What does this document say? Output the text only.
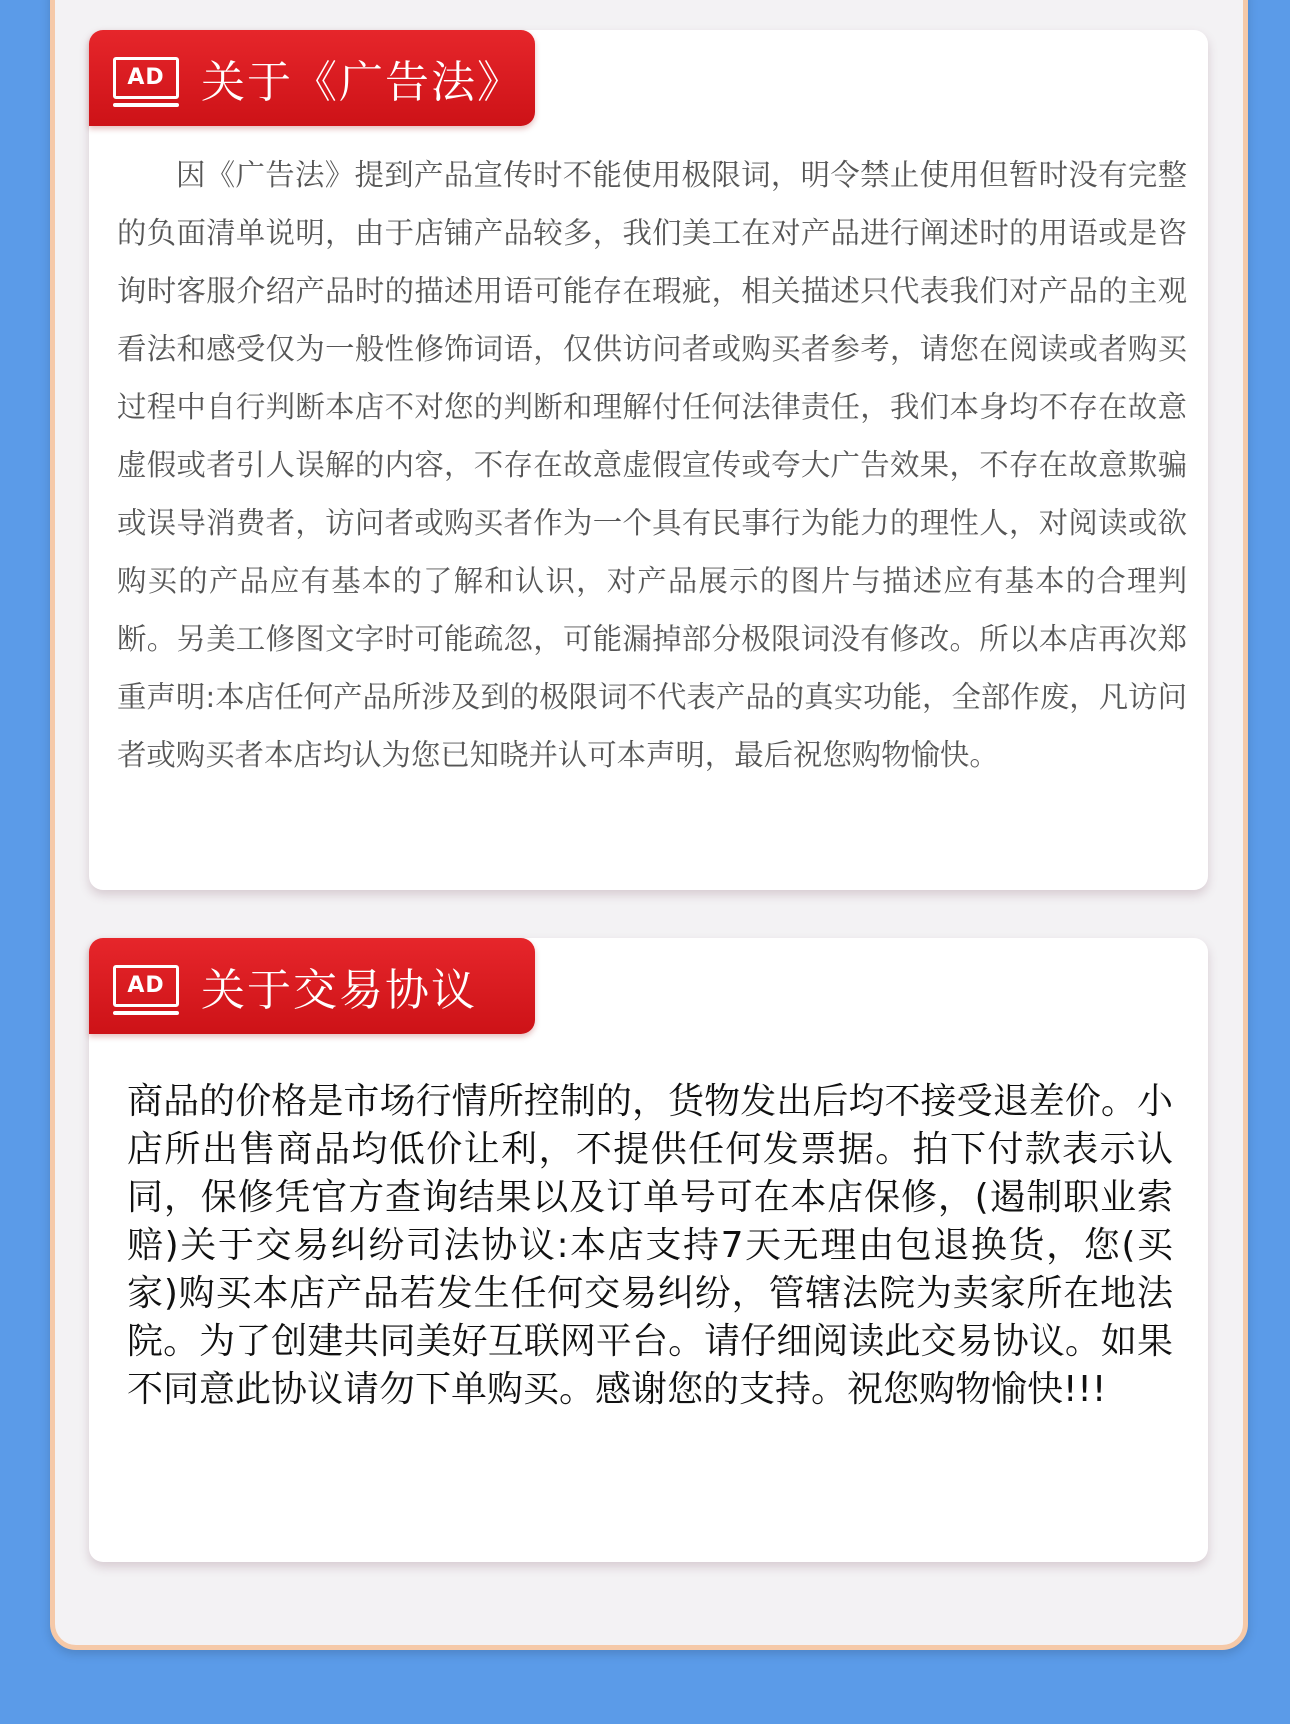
AD 关于《广告法》

因《广告法》提到产品宣传时不能使用极限词，明令禁止使用但暂时没有完整的负面清单说明，由于店铺产品较多，我们美工在对产品进行阐述时的用语或是咨询时客服介绍产品时的描述用语可能存在瑕疵，相关描述只代表我们对产品的主观看法和感受仅为一般性修饰词语，仅供访问者或购买者参考，请您在阅读或者购买过程中自行判断本店不对您的判断和理解付任何法律责任，我们本身均不存在故意虚假或者引人误解的内容，不存在故意虚假宣传或夸大广告效果，不存在故意欺骗或误导消费者，访问者或购买者作为一个具有民事行为能力的理性人，对阅读或欲购买的产品应有基本的了解和认识，对产品展示的图片与描述应有基本的合理判断。另美工修图文字时可能疏忽，可能漏掉部分极限词没有修改。所以本店再次郑重声明:本店任何产品所涉及到的极限词不代表产品的真实功能，全部作废，凡访问者或购买者本店均认为您已知晓并认可本声明，最后祝您购物愉快。

AD 关于交易协议

商品的价格是市场行情所控制的，货物发出后均不接受退差价。小店所出售商品均低价让利，不提供任何发票据。拍下付款表示认同，保修凭官方查询结果以及订单号可在本店保修，(遏制职业索赔)关于交易纠纷司法协议:本店支持7天无理由包退换货，您(买家)购买本店产品若发生任何交易纠纷，管辖法院为卖家所在地法院。为了创建共同美好互联网平台。请仔细阅读此交易协议。如果不同意此协议请勿下单购买。感谢您的支持。祝您购物愉快!!!
